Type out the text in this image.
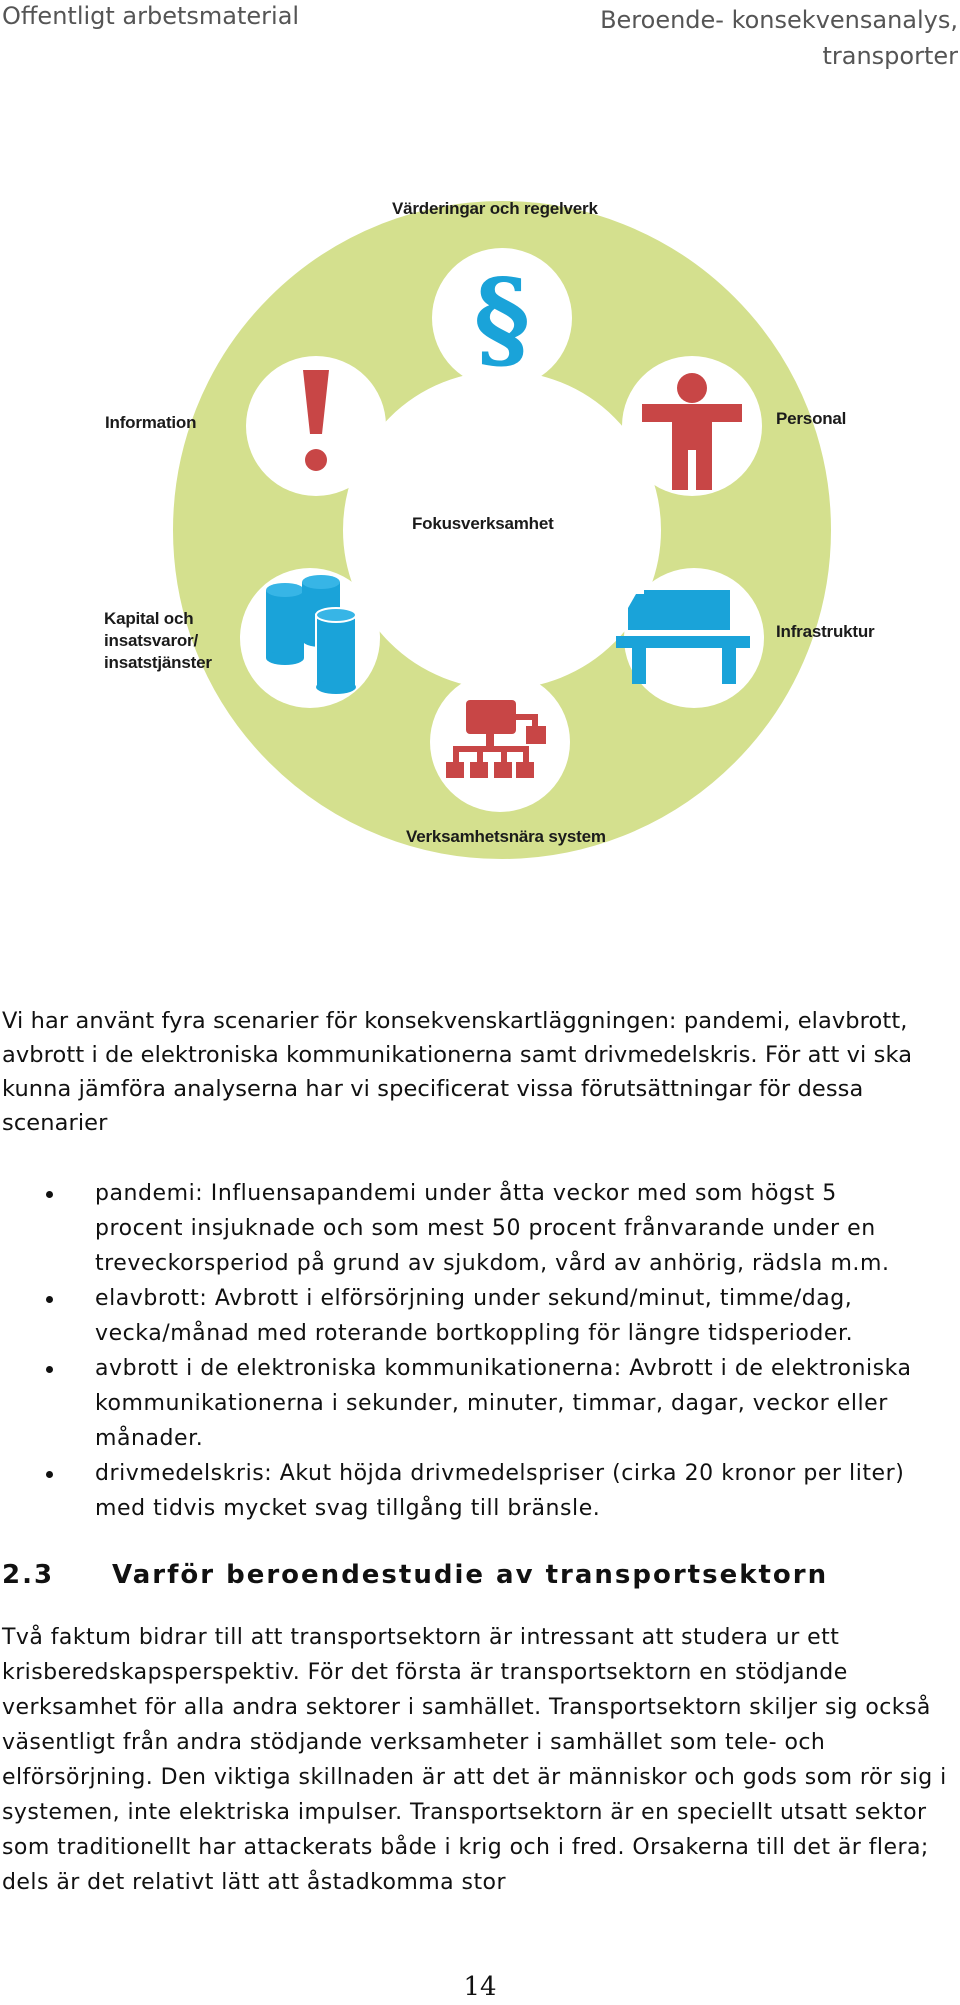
Offentligt arbetsmaterial	Beroende- konsekvensanalys, transporter
§
Värderingar och regelverk
Information	Personal
Fokusverksamhet
Kapital och insatsvaror/ insatstjänster
Infrastruktur
Verksamhetsnära system
Vi har använt fyra scenarier för konsekvenskartläggningen: pandemi, elavbrott, avbrott i de elektroniska kommunikationerna samt drivmedelskris. För att vi ska kunna jämföra analyserna har vi specificerat vissa förutsättningar för dessa scenarier
pandemi: Influensapandemi under åtta veckor med som högst 5 procent insjuknade och som mest 50 procent frånvarande under en treveckorsperiod på grund av sjukdom, vård av anhörig, rädsla m.m.
elavbrott: Avbrott i elförsörjning under sekund/minut, timme/dag, vecka/månad med roterande bortkoppling för längre tidsperioder.
avbrott i de elektroniska kommunikationerna: Avbrott i de elektroniska kommunikationerna i sekunder, minuter, timmar, dagar, veckor eller månader.
drivmedelskris: Akut höjda drivmedelspriser (cirka 20 kronor per liter) med tidvis mycket svag tillgång till bränsle.
2.3 Varför beroendestudie av transportsektorn
Två faktum bidrar till att transportsektorn är intressant att studera ur ett krisberedskapsperspektiv. För det första är transportsektorn en stödjande verksamhet för alla andra sektorer i samhället. Transportsektorn skiljer sig också väsentligt från andra stödjande verksamheter i samhället som tele- och elförsörjning. Den viktiga skillnaden är att det är människor och gods som rör sig i systemen, inte elektriska impulser. Transportsektorn är en speciellt utsatt sektor som traditionellt har attackerats både i krig och i fred. Orsakerna till det är flera; dels är det relativt lätt att åstadkomma stor
14
